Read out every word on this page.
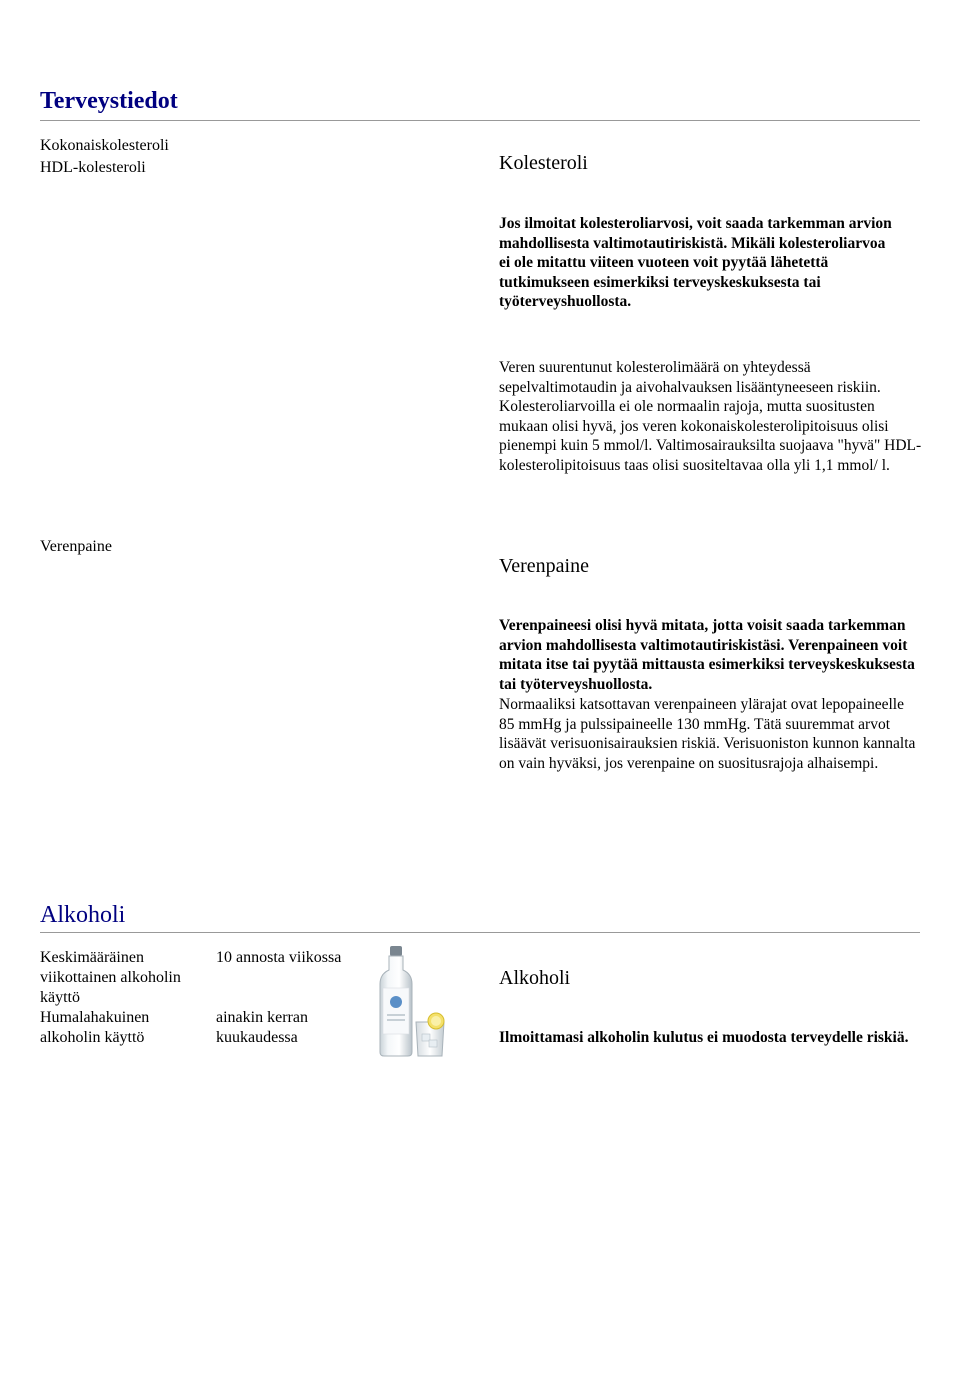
Terveystiedot
Kokonaiskolesteroli
HDL-kolesteroli	Kolesteroli
Jos ilmoitat kolesteroliarvosi, voit saada tarkemman arvion mahdollisesta valtimotautiriskistä. Mikäli kolesteroliarvoa ei ole mitattu viiteen vuoteen voit pyytää lähetettä tutkimukseen esimerkiksi terveyskeskuksesta tai työterveyshuollosta.
Veren suurentunut kolesterolimäärä on yhteydessä sepelvaltimotaudin ja aivohalvauksen lisääntyneeseen riskiin. Kolesteroliarvoilla ei ole normaalin rajoja, mutta suositusten mukaan olisi hyvä, jos veren kokonaiskolesterolipitoisuus olisi pienempi kuin 5 mmol/l. Valtimosairauksilta suojaava "hyvä" HDL-kolesterolipitoisuus taas olisi suositeltavaa olla yli 1,1 mmol/ l.
Verenpaine
Verenpaine
Verenpaineesi olisi hyvä mitata, jotta voisit saada tarkemman arvion mahdollisesta valtimotautiriskistäsi. Verenpaineen voit mitata itse tai pyytää mittausta esimerkiksi terveyskeskuksesta tai työterveyshuollosta.
Normaaliksi katsottavan verenpaineen ylärajat ovat lepopaineelle 85 mmHg ja pulssipaineelle 130 mmHg. Tätä suuremmat arvot lisäävät verisuonisairauksien riskiä. Verisuoniston kunnon kannalta on vain hyväksi, jos verenpaine on suositusrajoja alhaisempi.
Alkoholi
Keskimääräinen viikottainen alkoholin käyttö
10 annosta viikossa
Humalahakuinen alkoholin käyttö
ainakin kerran kuukaudessa
Alkoholi
Ilmoittamasi alkoholin kulutus ei muodosta terveydelle riskiä.
